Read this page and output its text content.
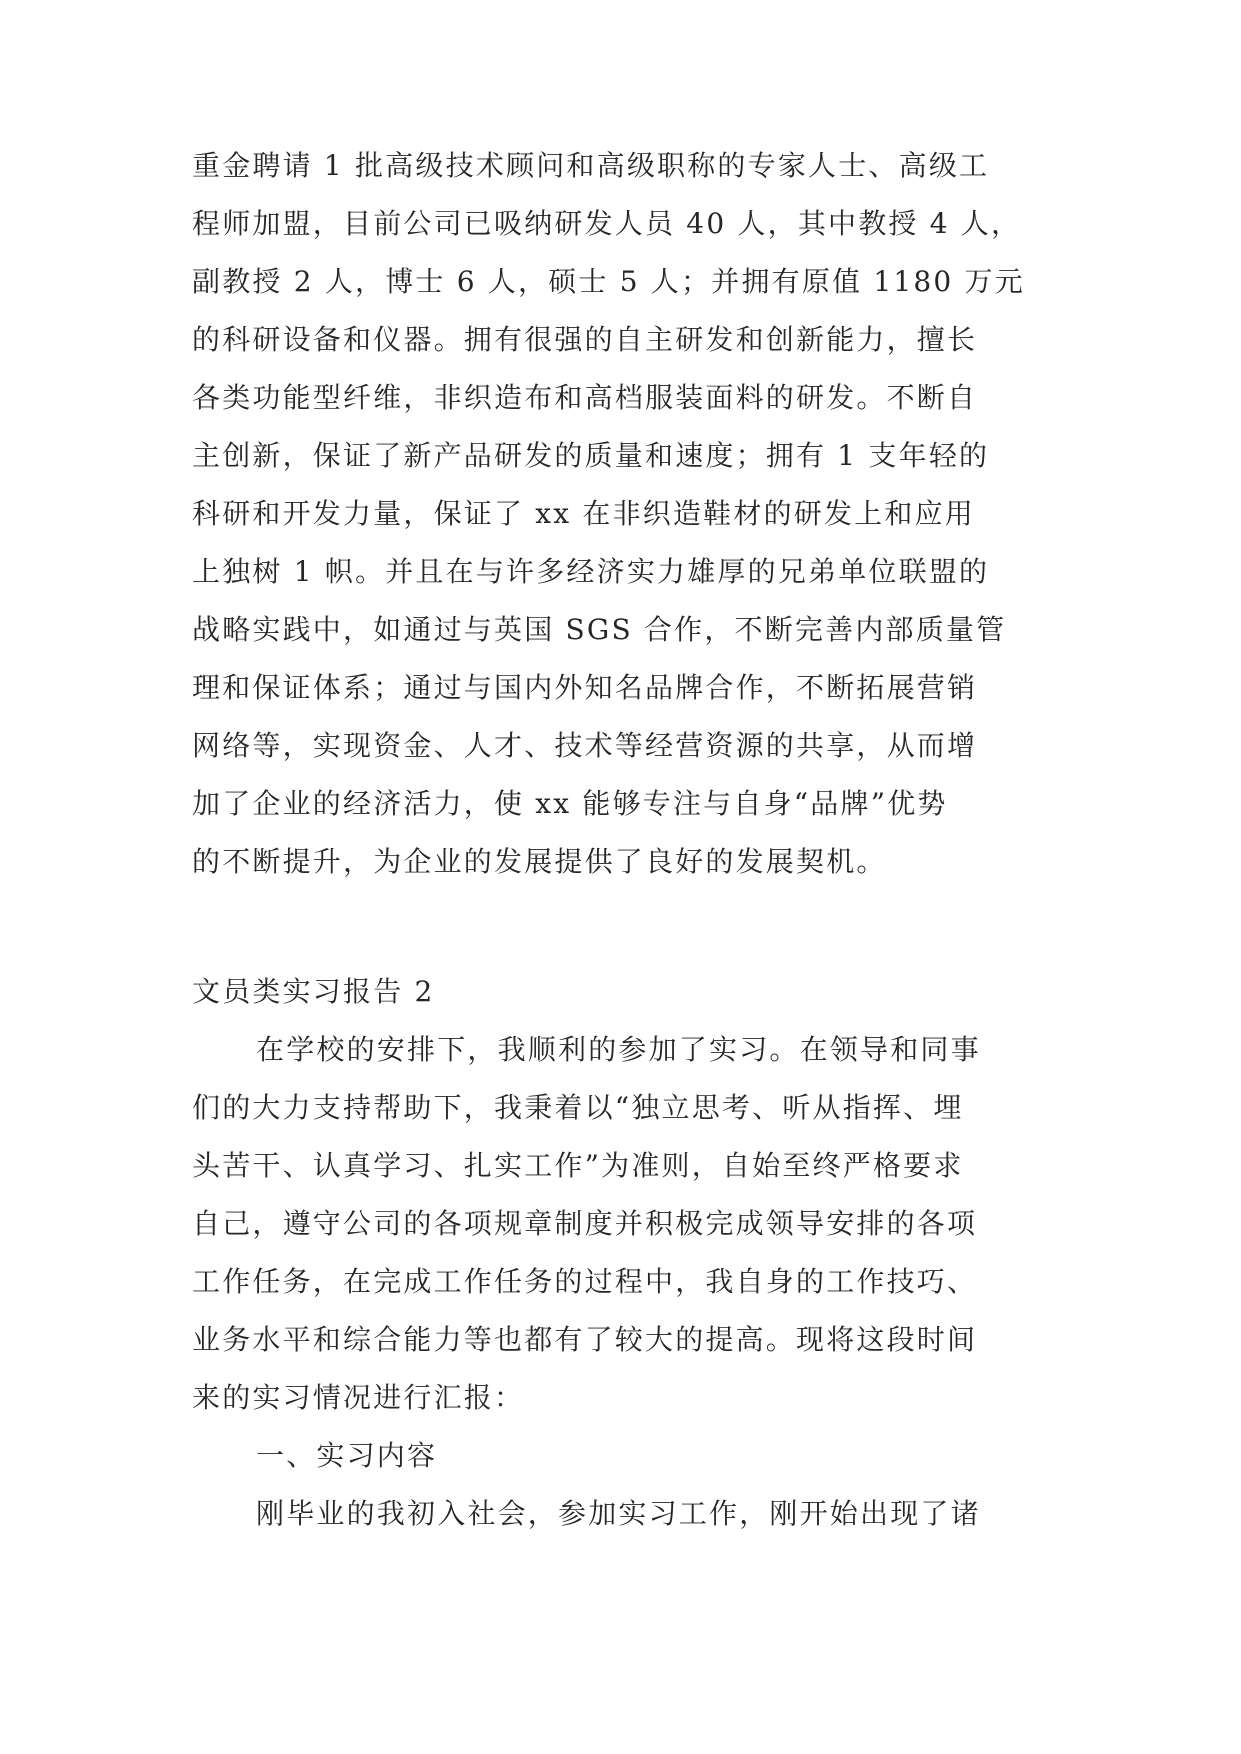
重金聘请 1 批高级技术顾问和高级职称的专家人士、高级工

程师加盟，目前公司已吸纳研发人员 40 人，其中教授 4 人，

副教授 2 人，博士 6 人，硕士 5 人；并拥有原值 1180 万元

的科研设备和仪器。拥有很强的自主研发和创新能力，擅长

各类功能型纤维，非织造布和高档服装面料的研发。不断自

主创新，保证了新产品研发的质量和速度；拥有 1 支年轻的

科研和开发力量，保证了 xx 在非织造鞋材的研发上和应用

上独树 1 帜。并且在与许多经济实力雄厚的兄弟单位联盟的

战略实践中，如通过与英国 SGS 合作，不断完善内部质量管

理和保证体系；通过与国内外知名品牌合作，不断拓展营销

网络等，实现资金、人才、技术等经营资源的共享，从而增

加了企业的经济活力，使 xx 能够专注与自身“品牌”优势

的不断提升，为企业的发展提供了良好的发展契机。

文员类实习报告 2

在学校的安排下，我顺利的参加了实习。在领导和同事

们的大力支持帮助下，我秉着以“独立思考、听从指挥、埋

头苦干、认真学习、扎实工作”为准则，自始至终严格要求

自己，遵守公司的各项规章制度并积极完成领导安排的各项

工作任务，在完成工作任务的过程中，我自身的工作技巧、

业务水平和综合能力等也都有了较大的提高。现将这段时间

来的实习情况进行汇报：

一、实习内容

刚毕业的我初入社会，参加实习工作，刚开始出现了诸
